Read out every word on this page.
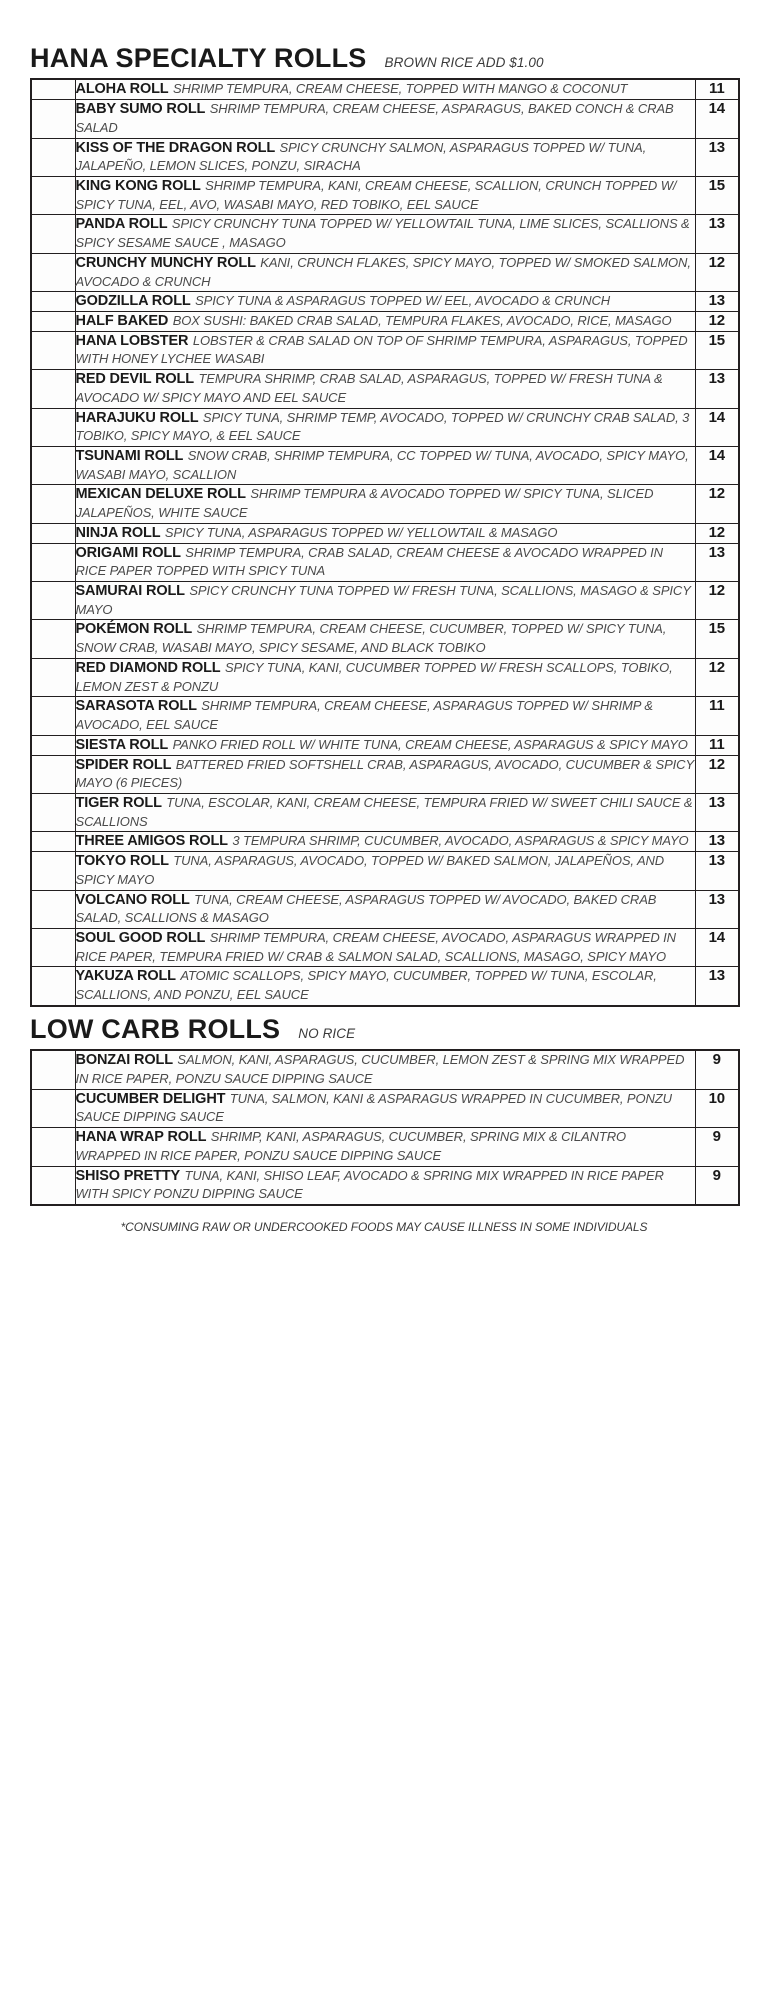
HANA SPECIALTY ROLLS BROWN RICE ADD $1.00
	ALOHA ROLL SHRIMP TEMPURA, CREAM CHEESE, TOPPED WITH MANGO & COCONUT	11
	BABY SUMO ROLL SHRIMP TEMPURA, CREAM CHEESE, ASPARAGUS, BAKED CONCH & CRAB SALAD	14
	KISS OF THE DRAGON ROLL SPICY CRUNCHY SALMON, ASPARAGUS TOPPED W/ TUNA, JALAPEÑO, LEMON SLICES, PONZU, SIRACHA	13
	KING KONG ROLL SHRIMP TEMPURA, KANI, CREAM CHEESE, SCALLION, CRUNCH TOPPED W/ SPICY TUNA, EEL, AVO, WASABI MAYO, RED TOBIKO, EEL SAUCE	15
	PANDA ROLL SPICY CRUNCHY TUNA TOPPED W/ YELLOWTAIL TUNA, LIME SLICES, SCALLIONS & SPICY SESAME SAUCE , MASAGO	13
	CRUNCHY MUNCHY ROLL KANI, CRUNCH FLAKES, SPICY MAYO, TOPPED W/ SMOKED SALMON, AVOCADO & CRUNCH	12
	GODZILLA ROLL SPICY TUNA & ASPARAGUS TOPPED W/ EEL, AVOCADO & CRUNCH	13
	HALF BAKED BOX SUSHI: BAKED CRAB SALAD, TEMPURA FLAKES, AVOCADO, RICE, MASAGO	12
	HANA LOBSTER LOBSTER & CRAB SALAD ON TOP OF SHRIMP TEMPURA, ASPARAGUS, TOPPED WITH HONEY LYCHEE WASABI	15
	RED DEVIL ROLL TEMPURA SHRIMP, CRAB SALAD, ASPARAGUS, TOPPED W/ FRESH TUNA & AVOCADO W/ SPICY MAYO AND EEL SAUCE	13
	HARAJUKU ROLL SPICY TUNA, SHRIMP TEMP, AVOCADO, TOPPED W/ CRUNCHY CRAB SALAD, 3 TOBIKO, SPICY MAYO, & EEL SAUCE	14
	TSUNAMI ROLL SNOW CRAB, SHRIMP TEMPURA, CC TOPPED W/ TUNA, AVOCADO, SPICY MAYO, WASABI MAYO, SCALLION	14
	MEXICAN DELUXE ROLL SHRIMP TEMPURA & AVOCADO TOPPED W/ SPICY TUNA, SLICED JALAPEÑOS, WHITE SAUCE	12
	NINJA ROLL SPICY TUNA, ASPARAGUS TOPPED W/ YELLOWTAIL & MASAGO	12
	ORIGAMI ROLL SHRIMP TEMPURA, CRAB SALAD, CREAM CHEESE & AVOCADO WRAPPED IN RICE PAPER TOPPED WITH SPICY TUNA	13
	SAMURAI ROLL SPICY CRUNCHY TUNA TOPPED W/ FRESH TUNA, SCALLIONS, MASAGO & SPICY MAYO	12
	POKÉMON ROLL SHRIMP TEMPURA, CREAM CHEESE, CUCUMBER, TOPPED W/ SPICY TUNA, SNOW CRAB, WASABI MAYO, SPICY SESAME, AND BLACK TOBIKO	15
	RED DIAMOND ROLL SPICY TUNA, KANI, CUCUMBER TOPPED W/ FRESH SCALLOPS, TOBIKO, LEMON ZEST & PONZU	12
	SARASOTA ROLL SHRIMP TEMPURA, CREAM CHEESE, ASPARAGUS TOPPED W/ SHRIMP & AVOCADO, EEL SAUCE	11
	SIESTA ROLL PANKO FRIED ROLL W/ WHITE TUNA, CREAM CHEESE, ASPARAGUS & SPICY MAYO	11
	SPIDER ROLL BATTERED FRIED SOFTSHELL CRAB, ASPARAGUS, AVOCADO, CUCUMBER & SPICY MAYO (6 PIECES)	12
	TIGER ROLL TUNA, ESCOLAR, KANI, CREAM CHEESE, TEMPURA FRIED W/ SWEET CHILI SAUCE & SCALLIONS	13
	THREE AMIGOS ROLL 3 TEMPURA SHRIMP, CUCUMBER, AVOCADO, ASPARAGUS & SPICY MAYO	13
	TOKYO ROLL TUNA, ASPARAGUS, AVOCADO, TOPPED W/ BAKED SALMON, JALAPEÑOS, AND SPICY MAYO	13
	VOLCANO ROLL TUNA, CREAM CHEESE, ASPARAGUS TOPPED W/ AVOCADO, BAKED CRAB SALAD, SCALLIONS & MASAGO	13
	SOUL GOOD ROLL SHRIMP TEMPURA, CREAM CHEESE, AVOCADO, ASPARAGUS WRAPPED IN RICE PAPER, TEMPURA FRIED W/ CRAB & SALMON SALAD, SCALLIONS, MASAGO, SPICY MAYO	14
	YAKUZA ROLL ATOMIC SCALLOPS, SPICY MAYO, CUCUMBER, TOPPED W/ TUNA, ESCOLAR, SCALLIONS, AND PONZU, EEL SAUCE	13
LOW CARB ROLLS NO RICE
	BONZAI ROLL SALMON, KANI, ASPARAGUS, CUCUMBER, LEMON ZEST & SPRING MIX WRAPPED IN RICE PAPER, PONZU SAUCE DIPPING SAUCE	9
	CUCUMBER DELIGHT TUNA, SALMON, KANI & ASPARAGUS WRAPPED IN CUCUMBER, PONZU SAUCE DIPPING SAUCE	10
	HANA WRAP ROLL SHRIMP, KANI, ASPARAGUS, CUCUMBER, SPRING MIX & CILANTRO WRAPPED IN RICE PAPER, PONZU SAUCE DIPPING SAUCE	9
	SHISO PRETTY TUNA, KANI, SHISO LEAF, AVOCADO & SPRING MIX WRAPPED IN RICE PAPER WITH SPICY PONZU DIPPING SAUCE	9
*CONSUMING RAW OR UNDERCOOKED FOODS MAY CAUSE ILLNESS IN SOME INDIVIDUALS
